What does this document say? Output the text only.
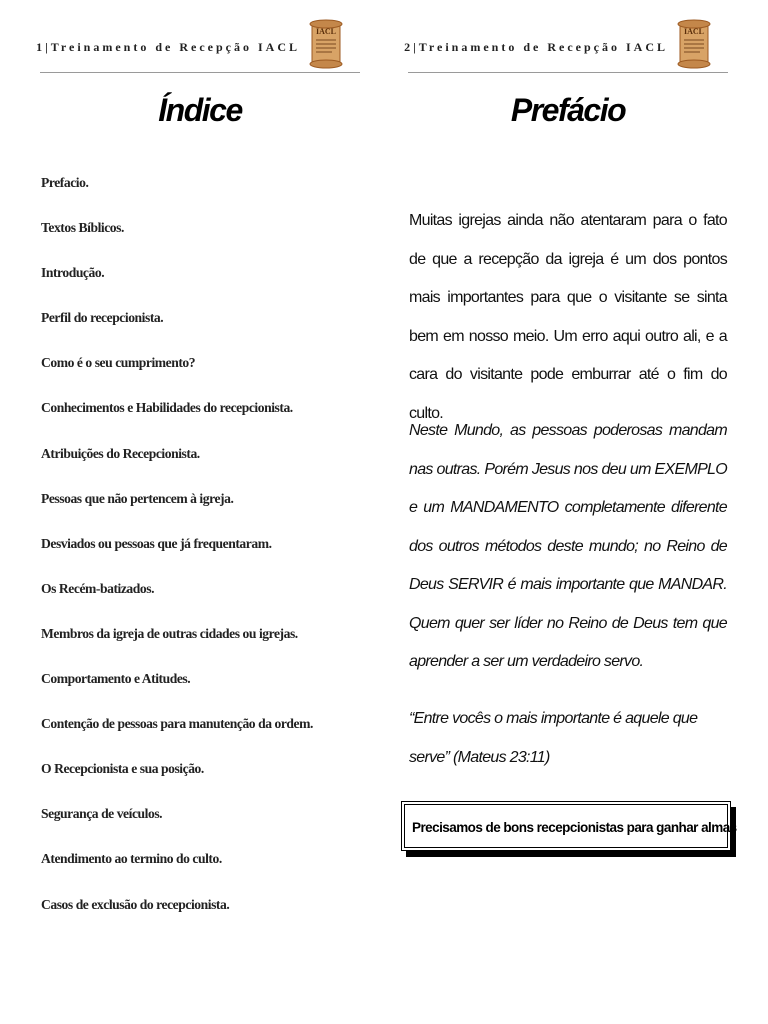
1|Treinamento de Recepção IACL
IACL
Índice
Prefacio.
Textos Bíblicos.
Introdução.
Perfil do recepcionista.
Como é o seu cumprimento?
Conhecimentos e Habilidades do recepcionista.
Atribuições do Recepcionista.
Pessoas que não pertencem à igreja.
Desviados ou pessoas que já frequentaram.
Os Recém-batizados.
Membros da igreja de outras cidades ou igrejas.
Comportamento e Atitudes.
Contenção de pessoas para manutenção da ordem.
O Recepcionista e sua posição.
Segurança de veículos.
Atendimento ao termino do culto.
Casos de exclusão do recepcionista.
2|Treinamento de Recepção IACL
IACL
Prefácio

Muitas igrejas ainda não atentaram para o fato de que a recepção da igreja é um dos pontos mais importantes para que o visitante se sinta bem em nosso meio. Um erro aqui outro ali, e a cara do visitante pode emburrar até o fim do culto.

Neste Mundo, as pessoas poderosas mandam nas outras. Porém Jesus nos deu um EXEMPLO e um MANDAMENTO completamente diferente dos outros métodos deste mundo; no Reino de Deus SERVIR é mais importante que MANDAR. Quem quer ser líder no Reino de Deus tem que aprender a ser um verdadeiro servo.

“Entre vocês o mais importante é aquele que serve” (Mateus 23:11)

Precisamos de bons recepcionistas para ganhar almas
